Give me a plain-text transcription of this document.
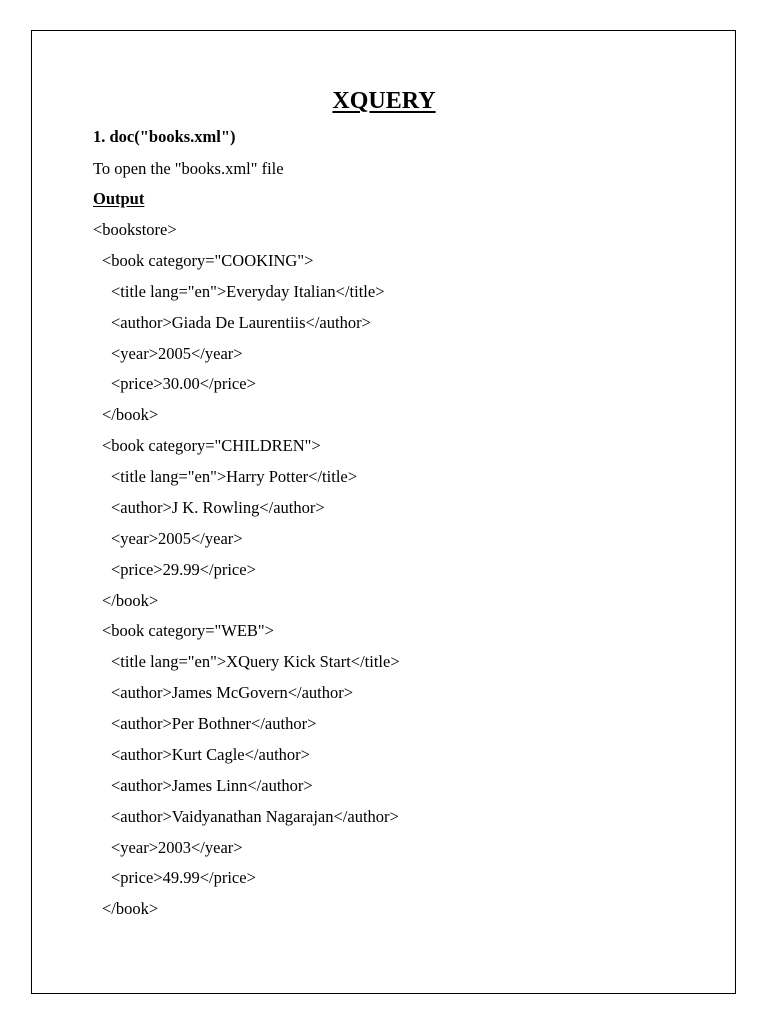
XQUERY
1. doc("books.xml")
To open the "books.xml" file
Output
<bookstore>
<book category="COOKING">
<title lang="en">Everyday Italian</title>
<author>Giada De Laurentiis</author>
<year>2005</year>
<price>30.00</price>
</book>
<book category="CHILDREN">
<title lang="en">Harry Potter</title>
<author>J K. Rowling</author>
<year>2005</year>
<price>29.99</price>
</book>
<book category="WEB">
<title lang="en">XQuery Kick Start</title>
<author>James McGovern</author>
<author>Per Bothner</author>
<author>Kurt Cagle</author>
<author>James Linn</author>
<author>Vaidyanathan Nagarajan</author>
<year>2003</year>
<price>49.99</price>
</book>
